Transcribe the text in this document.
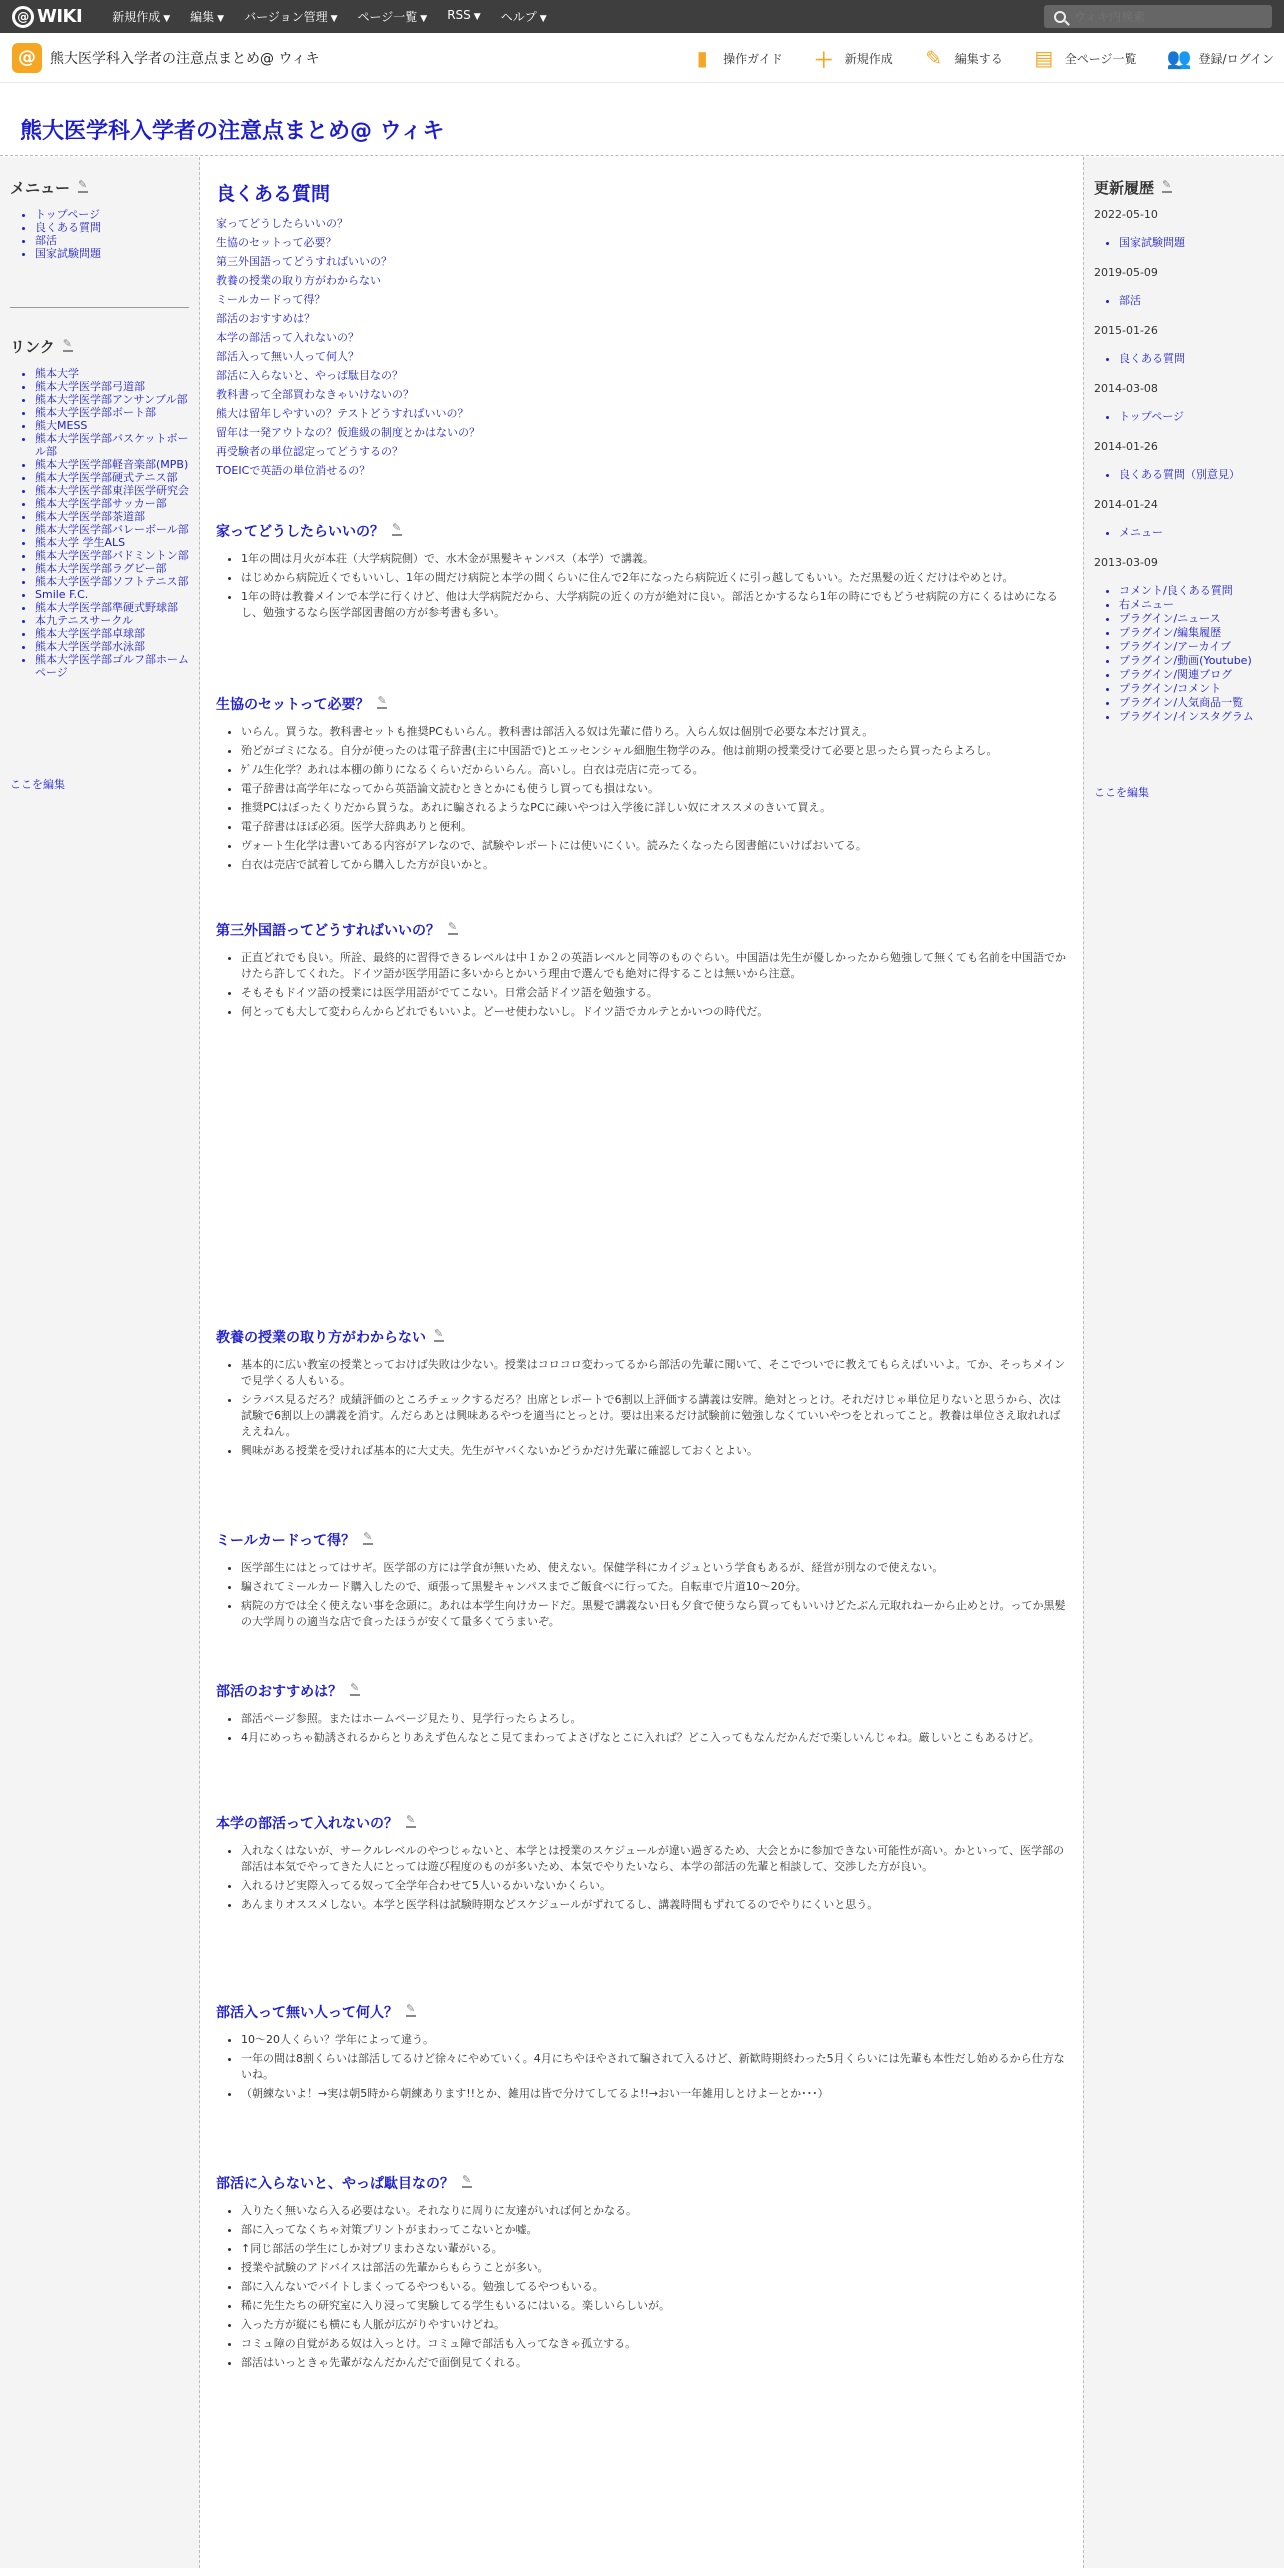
@ WIKI	新規作成 ▼	編集 ▼	バージョン管理 ▼	ページ一覧 ▼	RSS ▼	ヘルプ ▼
ウィキ内検索
@	熊大医学科入学者の注意点まとめ@ ウィキ	▮	操作ガイド ＋ 新規作成 ✎ 編集する ▤ 全ページ一覧 👥 登録/ログイン
熊大医学科入学者の注意点まとめ@ ウィキ
メニュー
✎
• トップページ
• 良くある質問
• 部活
• 国家試験問題
リンク
✎
• 熊本大学
• 熊本大学医学部弓道部
• 熊本大学医学部アンサンブル部
• 熊本大学医学部ボート部
• 熊大MESS
• 熊本大学医学部バスケットボール部
• 熊本大学医学部軽音楽部(MPB)
• 熊本大学医学部硬式テニス部
• 熊本大学医学部東洋医学研究会
• 熊本大学医学部サッカー部
• 熊本大学医学部茶道部
• 熊本大学医学部バレーボール部
• 熊本大学 学生ALS
• 熊本大学医学部バドミントン部
• 熊本大学医学部ラグビー部
• 熊本大学医学部ソフトテニス部
• Smile F.C.
• 熊本大学医学部準硬式野球部
• 本九テニスサークル
• 熊本大学医学部卓球部
• 熊本大学医学部水泳部
• 熊本大学医学部ゴルフ部ホームページ
ここを編集
良くある質問
家ってどうしたらいいの？
生協のセットって必要？
第三外国語ってどうすればいいの？
教養の授業の取り方がわからない
ミールカードって得？
部活のおすすめは？
本学の部活って入れないの？
部活入って無い人って何人？
部活に入らないと、やっぱ駄目なの？
教科書って全部買わなきゃいけないの？
熊大は留年しやすいの？テストどうすればいいの？
留年は一発アウトなの？仮進級の制度とかはないの？
再受験者の単位認定ってどうするの？
TOEICで英語の単位消せるの？
家ってどうしたらいいの？
✎
• 1年の間は月火が本荘（大学病院側）で、水木金が黒髪キャンパス（本学）で講義。
• はじめから病院近くでもいいし、1年の間だけ病院と本学の間くらいに住んで2年になったら病院近くに引っ越してもいい。ただ黒髪の近くだけはやめとけ。
• 1年の時は教養メインで本学に行くけど、他は大学病院だから、大学病院の近くの方が絶対に良い。部活とかするなら1年の時にでもどうせ病院の方にくるはめになるし、勉強するなら医学部図書館の方が参考書も多い。
生協のセットって必要？
✎
• いらん。買うな。教科書セットも推奨PCもいらん。教科書は部活入る奴は先輩に借りろ。入らん奴は個別で必要な本だけ買え。
• 殆どがゴミになる。自分が使ったのは電子辞書(主に中国語で)とエッセンシャル細胞生物学のみ。他は前期の授業受けて必要と思ったら買ったらよろし。
• ｹﾞﾉﾑ生化学？あれは本棚の飾りになるくらいだからいらん。高いし。白衣は売店に売ってる。
• 電子辞書は高学年になってから英語論文読むときとかにも使うし買っても損はない。
• 推奨PCはぼったくりだから買うな。あれに騙されるようなPCに疎いやつは入学後に詳しい奴にオススメのきいて買え。
• 電子辞書はほぼ必須。医学大辞典ありと便利。
• ヴォート生化学は書いてある内容がアレなので、試験やレポートには使いにくい。読みたくなったら図書館にいけばおいてる。
• 白衣は売店で試着してから購入した方が良いかと。
第三外国語ってどうすればいいの？
✎
• 正直どれでも良い。所詮、最終的に習得できるレベルは中１か２の英語レベルと同等のものぐらい。中国語は先生が優しかったから勉強して無くても名前を中国語でかけたら許してくれた。ドイツ語が医学用語に多いからとかいう理由で選んでも絶対に得することは無いから注意。
• そもそもドイツ語の授業には医学用語がでてこない。日常会話ドイツ語を勉強する。
• 何とっても大して変わらんからどれでもいいよ。どーせ使わないし。ドイツ語でカルテとかいつの時代だ。
教養の授業の取り方がわからない
✎
• 基本的に広い教室の授業とっておけば失敗は少ない。授業はコロコロ変わってるから部活の先輩に聞いて、そこでついでに教えてもらえばいいよ。てか、そっちメインで見学くる人もいる。
• シラバス見るだろ？成績評価のところチェックするだろ？出席とレポートで6割以上評価する講義は安牌。絶対とっとけ。それだけじゃ単位足りないと思うから、次は試験で6割以上の講義を消す。んだらあとは興味あるやつを適当にとっとけ。要は出来るだけ試験前に勉強しなくていいやつをとれってこと。教養は単位さえ取れればええねん。
• 興味がある授業を受ければ基本的に大丈夫。先生がヤバくないかどうかだけ先輩に確認しておくとよい。
ミールカードって得？
✎
• 医学部生にはとってはサギ。医学部の方には学食が無いため、使えない。保健学科にカイジュという学食もあるが、経営が別なので使えない。
• 騙されてミールカード購入したので、頑張って黒髪キャンパスまでご飯食べに行ってた。自転車で片道10～20分。
• 病院の方では全く使えない事を念頭に。あれは本学生向けカードだ。黒髪で講義ない日も夕食で使うなら買ってもいいけどたぶん元取れねーから止めとけ。ってか黒髪の大学周りの適当な店で食ったほうが安くて量多くてうまいぞ。
部活のおすすめは？
✎
• 部活ページ参照。またはホームページ見たり、見学行ったらよろし。
• 4月にめっちゃ勧誘されるからとりあえず色んなとこ見てまわってよさげなとこに入れば？どこ入ってもなんだかんだで楽しいんじゃね。厳しいとこもあるけど。
本学の部活って入れないの？
✎
• 入れなくはないが、サークルレベルのやつじゃないと、本学とは授業のスケジュールが違い過ぎるため、大会とかに参加できない可能性が高い。かといって、医学部の部活は本気でやってきた人にとっては遊び程度のものが多いため、本気でやりたいなら、本学の部活の先輩と相談して、交渉した方が良い。
• 入れるけど実際入ってる奴って全学年合わせて5人いるかいないかくらい。
• あんまりオススメしない。本学と医学科は試験時期などスケジュールがずれてるし、講義時間もずれてるのでやりにくいと思う。
部活入って無い人って何人？
✎
• 10～20人くらい？学年によって違う。
• 一年の間は8割くらいは部活してるけど徐々にやめていく。4月にちやほやされて騙されて入るけど、新歓時期終わった5月くらいには先輩も本性だし始めるから仕方ないね。
• （朝練ないよ！→実は朝5時から朝練あります!!とか、雑用は皆で分けてしてるよ!!→おい一年雑用しとけよーとか･･･）
部活に入らないと、やっぱ駄目なの？
✎
• 入りたく無いなら入る必要はない。それなりに周りに友達がいれば何とかなる。
• 部に入ってなくちゃ対策プリントがまわってこないとか嘘。
• ↑同じ部活の学生にしか対プリまわさない輩がいる。
• 授業や試験のアドバイスは部活の先輩からもらうことが多い。
• 部に入んないでバイトしまくってるやつもいる。勉強してるやつもいる。
• 稀に先生たちの研究室に入り浸って実験してる学生もいるにはいる。楽しいらしいが。
• 入った方が縦にも横にも人脈が広がりやすいけどね。
• コミュ障の自覚がある奴は入っとけ。コミュ障で部活も入ってなきゃ孤立する。
• 部活はいっときゃ先輩がなんだかんだで面倒見てくれる。
更新履歴
✎
2022-05-10
• 国家試験問題
2019-05-09
• 部活
2015-01-26
• 良くある質問
2014-03-08
• トップページ
2014-01-26
• 良くある質問（別意見）
2014-01-24
• メニュー
2013-03-09
• コメント/良くある質問
• 右メニュー
• プラグイン/ニュース
• プラグイン/編集履歴
• プラグイン/アーカイブ
• プラグイン/動画(Youtube)
• プラグイン/関連ブログ
• プラグイン/コメント
• プラグイン/人気商品一覧
• プラグイン/インスタグラム
ここを編集
